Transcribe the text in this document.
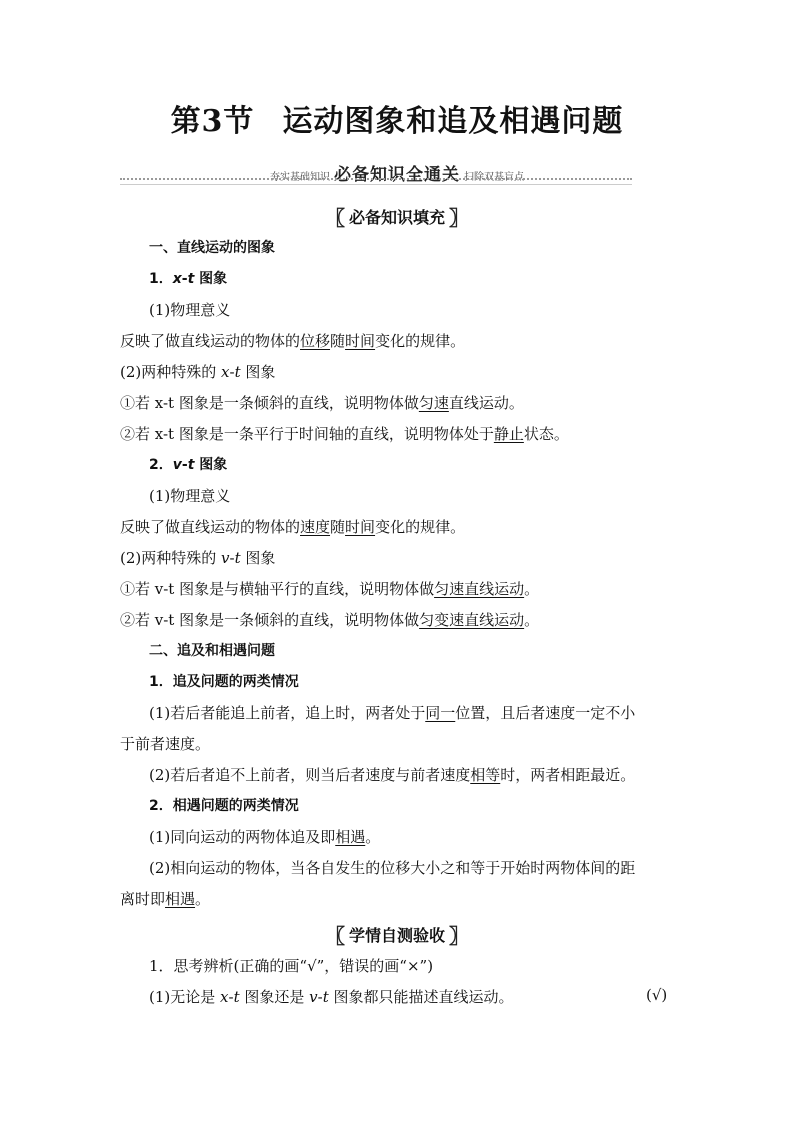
第3节 运动图象和追及相遇问题
夯实基础知识 必备知识全通关 扫除双基盲点
〖 必备知识填充 〗
一、直线运动的图象
1．x-t 图象
(1)物理意义
反映了做直线运动的物体的位移随时间变化的规律。
(2)两种特殊的 x-t 图象
①若 x-t 图象是一条倾斜的直线，说明物体做匀速直线运动。
②若 x-t 图象是一条平行于时间轴的直线，说明物体处于静止状态。
2．v-t 图象
(1)物理意义
反映了做直线运动的物体的速度随时间变化的规律。
(2)两种特殊的 v-t 图象
①若 v-t 图象是与横轴平行的直线，说明物体做匀速直线运动。
②若 v-t 图象是一条倾斜的直线，说明物体做匀变速直线运动。
二、追及和相遇问题
1．追及问题的两类情况
(1)若后者能追上前者，追上时，两者处于同一位置，且后者速度一定不小
于前者速度。
(2)若后者追不上前者，则当后者速度与前者速度相等时，两者相距最近。
2．相遇问题的两类情况
(1)同向运动的两物体追及即相遇。
(2)相向运动的物体，当各自发生的位移大小之和等于开始时两物体间的距
离时即相遇。
〖 学情自测验收 〗
1．思考辨析(正确的画“√”，错误的画“×”)
(1)无论是 x-t 图象还是 v-t 图象都只能描述直线运动。	(√)
